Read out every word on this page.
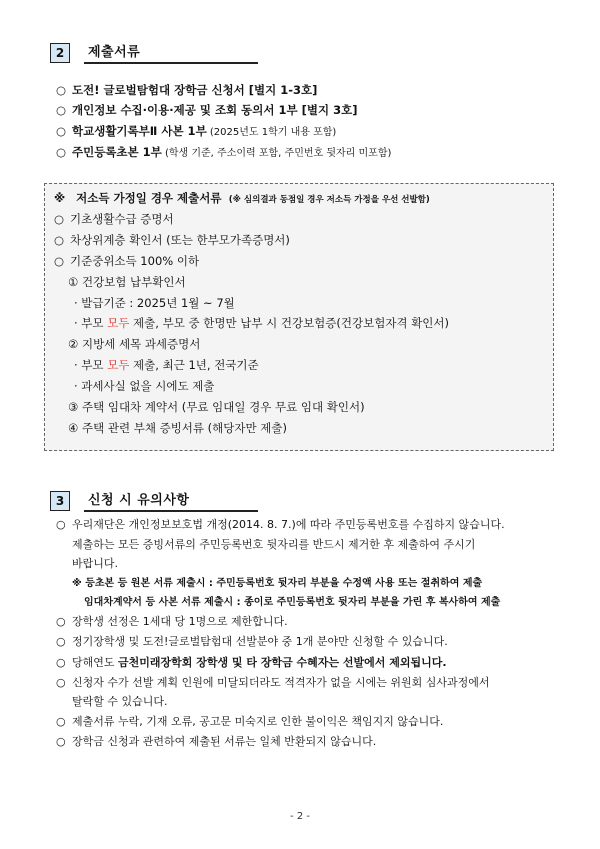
2	제출서류
○ 도전! 글로벌탐험대 장학금 신청서 [별지 1-3호]
○ 개인정보 수집·이용·제공 및 조회 동의서 1부 [별지 3호]
○ 학교생활기록부Ⅱ 사본 1부 (2025년도 1학기 내용 포함)
○ 주민등록초본 1부 (학생 기준, 주소이력 포함, 주민번호 뒷자리 미포함)
※ 저소득 가정일 경우 제출서류 (※ 심의결과 동점일 경우 저소득 가정을 우선 선발함)
○ 기초생활수급 증명서
○ 차상위계층 확인서 (또는 한부모가족증명서)
○ 기준중위소득 100% 이하
① 건강보험 납부확인서
· 발급기준 : 2025년 1월 ~ 7월
· 부모 모두 제출, 부모 중 한명만 납부 시 건강보험증(건강보험자격 확인서)
② 지방세 세목 과세증명서
· 부모 모두 제출, 최근 1년, 전국기준
· 과세사실 없을 시에도 제출
③ 주택 임대차 계약서 (무료 임대일 경우 무료 임대 확인서)
④ 주택 관련 부채 증빙서류 (해당자만 제출)
3	신청 시 유의사항
○ 우리재단은 개인정보보호법 개정(2014. 8. 7.)에 따라 주민등록번호를 수집하지 않습니다.
제출하는 모든 증빙서류의 주민등록번호 뒷자리를 반드시 제거한 후 제출하여 주시기
바랍니다.
※ 등초본 등 원본 서류 제출시 : 주민등록번호 뒷자리 부분을 수정액 사용 또는 절취하여 제출
임대차계약서 등 사본 서류 제출시 : 종이로 주민등록번호 뒷자리 부분을 가린 후 복사하여 제출
○ 장학생 선정은 1세대 당 1명으로 제한합니다.
○ 정기장학생 및 도전!글로벌탐험대 선발분야 중 1개 분야만 신청할 수 있습니다.
○ 당해연도 금천미래장학회 장학생 및 타 장학금 수혜자는 선발에서 제외됩니다.
○ 신청자 수가 선발 계획 인원에 미달되더라도 적격자가 없을 시에는 위원회 심사과정에서
탈락할 수 있습니다.
○ 제출서류 누락, 기재 오류, 공고문 미숙지로 인한 불이익은 책임지지 않습니다.
○ 장학금 신청과 관련하여 제출된 서류는 일체 반환되지 않습니다.
- 2 -
